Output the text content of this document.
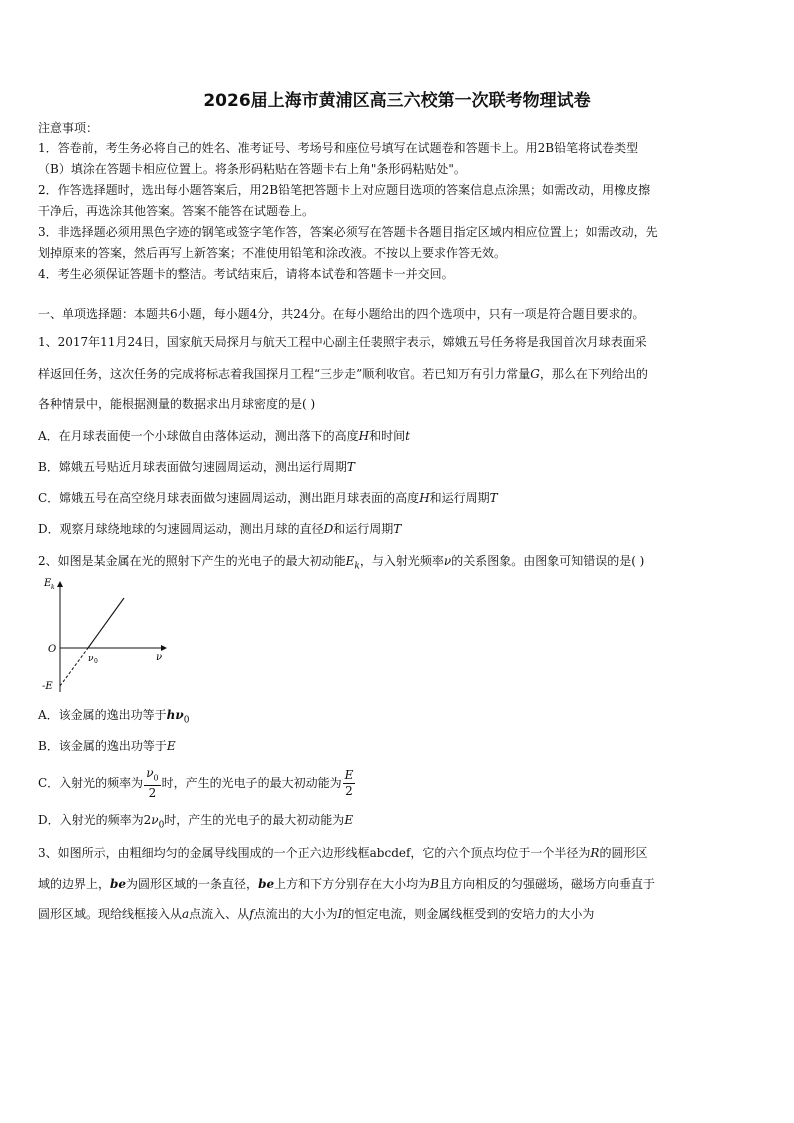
2026届上海市黄浦区高三六校第一次联考物理试卷
注意事项：
1．答卷前，考生务必将自己的姓名、准考证号、考场号和座位号填写在试题卷和答题卡上。用2B铅笔将试卷类型
（B）填涂在答题卡相应位置上。将条形码粘贴在答题卡右上角"条形码粘贴处"。
2．作答选择题时，选出每小题答案后，用2B铅笔把答题卡上对应题目选项的答案信息点涂黑；如需改动，用橡皮擦
干净后，再选涂其他答案。答案不能答在试题卷上。
3．非选择题必须用黑色字迹的钢笔或签字笔作答，答案必须写在答题卡各题目指定区域内相应位置上；如需改动，先
划掉原来的答案，然后再写上新答案；不准使用铅笔和涂改液。不按以上要求作答无效。
4．考生必须保证答题卡的整洁。考试结束后，请将本试卷和答题卡一并交回。
一、单项选择题：本题共6小题，每小题4分，共24分。在每小题给出的四个选项中，只有一项是符合题目要求的。
1、2017年11月24日，国家航天局探月与航天工程中心副主任裴照宇表示，嫦娥五号任务将是我国首次月球表面采
样返回任务，这次任务的完成将标志着我国探月工程“三步走”顺利收官。若已知万有引力常量G，那么在下列给出的
各种情景中，能根据测量的数据求出月球密度的是( )
A．在月球表面使一个小球做自由落体运动，测出落下的高度H和时间t
B．嫦娥五号贴近月球表面做匀速圆周运动，测出运行周期T
C．嫦娥五号在高空绕月球表面做匀速圆周运动，测出距月球表面的高度H和运行周期T
D．观察月球绕地球的匀速圆周运动，测出月球的直径D和运行周期T
2、如图是某金属在光的照射下产生的光电子的最大初动能$E_k$，与入射光频率ν的关系图象。由图象可知错误的是( )
E k
ν
O
ν 0
-E
A．该金属的逸出功等于$h\nu_0$
B．该金属的逸出功等于E
C．入射光的频率为 $\frac{\nu_0}{2}$ 时，产生的光电子的最大初动能为 $\frac{E}{2}$
D．入射光的频率为$2\nu_0$时，产生的光电子的最大初动能为E
3、如图所示，由粗细均匀的金属导线围成的一个正六边形线框abcdef，它的六个顶点均位于一个半径为R的圆形区
域的边界上，be为圆形区域的一条直径，be上方和下方分别存在大小均为B且方向相反的匀强磁场，磁场方向垂直于
圆形区域。现给线框接入从a点流入、从f点流出的大小为I的恒定电流，则金属线框受到的安培力的大小为
